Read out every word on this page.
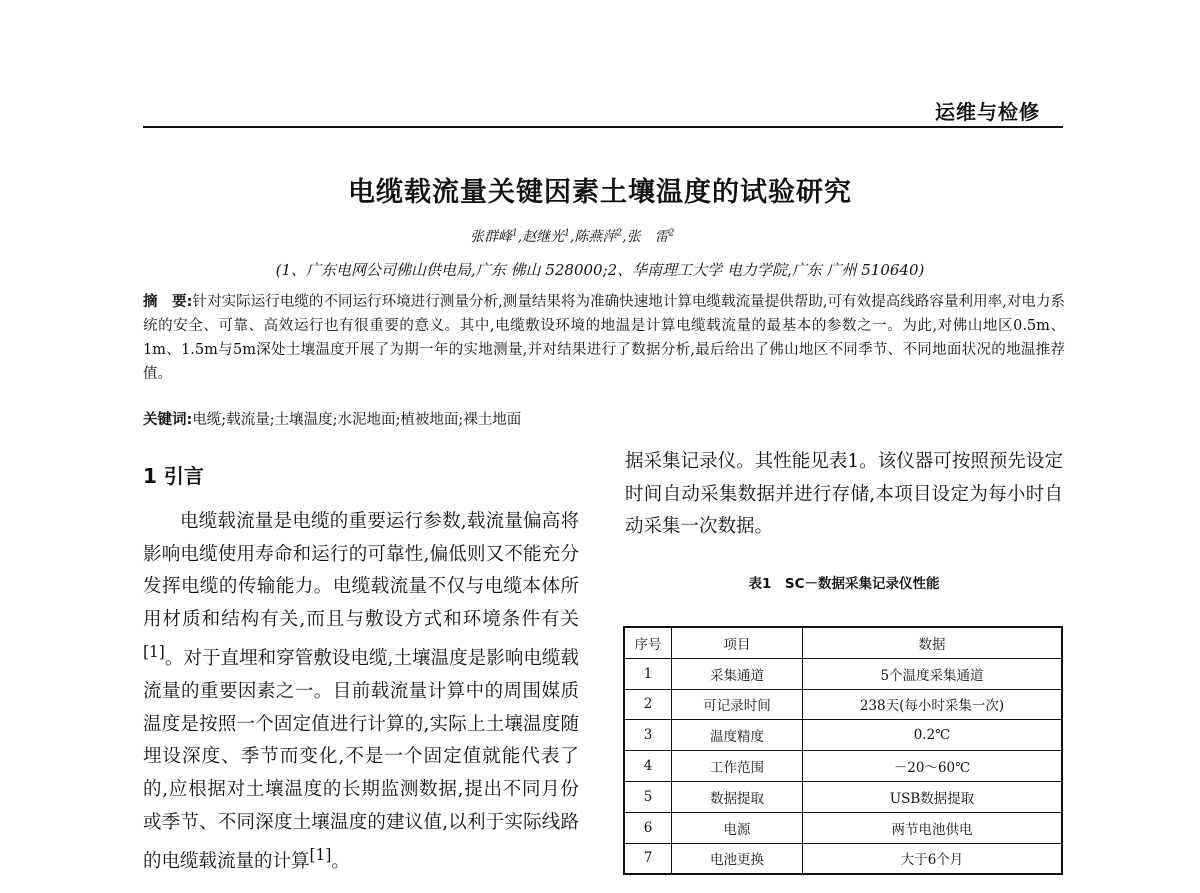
运维与检修
电缆载流量关键因素土壤温度的试验研究
张群峰$^1$,赵继光$^1$,陈燕萍$^2$,张　雷$^2$
(1、广东电网公司佛山供电局,广东 佛山 528000;2、华南理工大学 电力学院,广东 广州 510640)
摘　要:针对实际运行电缆的不同运行环境进行测量分析,测量结果将为准确快速地计算电缆载流量提供帮助,可有效提高线路容量利用率,对电力系统的安全、可靠、高效运行也有很重要的意义。其中,电缆敷设环境的地温是计算电缆载流量的最基本的参数之一。为此,对佛山地区0.5m、1m、1.5m与5m深处土壤温度开展了为期一年的实地测量,并对结果进行了数据分析,最后给出了佛山地区不同季节、不同地面状况的地温推荐值。
关键词:电缆;载流量;土壤温度;水泥地面;植被地面;裸土地面
1 引言

电缆载流量是电缆的重要运行参数,载流量偏高将影响电缆使用寿命和运行的可靠性,偏低则又不能充分发挥电缆的传输能力。电缆载流量不仅与电缆本体所用材质和结构有关,而且与敷设方式和环境条件有关[1]。对于直埋和穿管敷设电缆,土壤温度是影响电缆载流量的重要因素之一。目前载流量计算中的周围媒质温度是按照一个固定值进行计算的,实际上土壤温度随埋设深度、季节而变化,不是一个固定值就能代表了的,应根据对土壤温度的长期监测数据,提出不同月份或季节、不同深度土壤温度的建议值,以利于实际线路的电缆载流量的计算[1]。

据采集记录仪。其性能见表1。该仪器可按照预先设定时间自动采集数据并进行存储,本项目设定为每小时自动采集一次数据。

表1　SC－数据采集记录仪性能
序号	项目	数据
1	采集通道	5个温度采集通道
2	可记录时间	238天(每小时采集一次)
3	温度精度	0.2℃
4	工作范围	－20～60℃
5	数据提取	USB数据提取
6	电源	两节电池供电
7	电池更换	大于6个月
